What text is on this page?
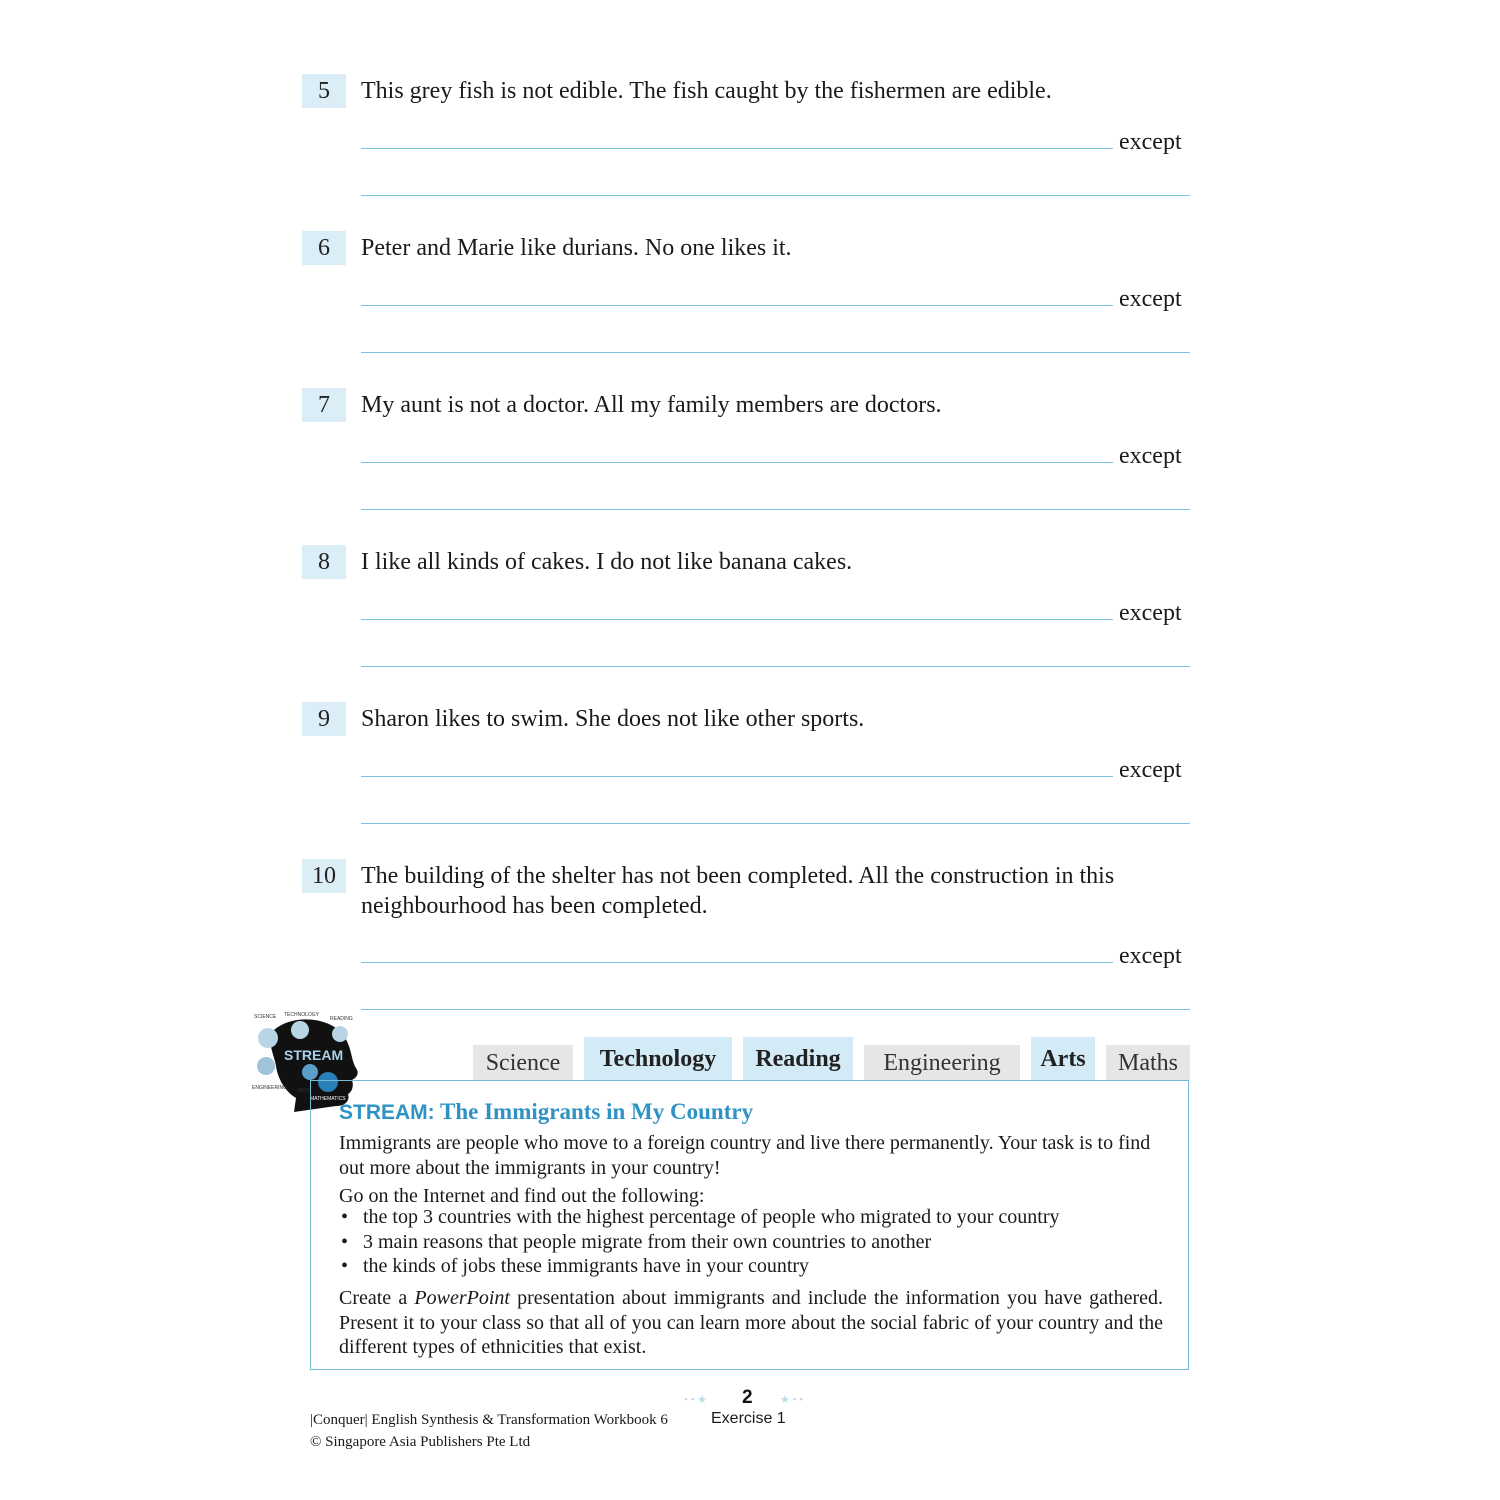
5	This grey fish is not edible. The fish caught by the fishermen are edible.
except
6	Peter and Marie like durians. No one likes it.
except
7	My aunt is not a doctor. All my family members are doctors.
except
8	I like all kinds of cakes. I do not like banana cakes.
except
9	Sharon likes to swim. She does not like other sports.
except
10	The building of the shelter has not been completed. All the construction in this neighbourhood has been completed.
except
STREAM
SCIENCE TECHNOLOGY
READING
ENGINEERING ARTS
MATHEMATICS
Science	Technology	Reading	Engineering	Arts	Maths
STREAM: The Immigrants in My Country
Immigrants are people who move to a foreign country and live there permanently. Your task is to find out more about the immigrants in your country!
Go on the Internet and find out the following:
• the top 3 countries with the highest percentage of people who migrated to your country
• 3 main reasons that people migrate from their own countries to another
• the kinds of jobs these immigrants have in your country
Create a PowerPoint presentation about immigrants and include the information you have gathered. Present it to your class so that all of you can learn more about the social fabric of your country and the different types of ethnicities that exist.
• • ★ 2 ★ • •
Exercise 1
|Conquer| English Synthesis & Transformation Workbook 6
© Singapore Asia Publishers Pte Ltd
